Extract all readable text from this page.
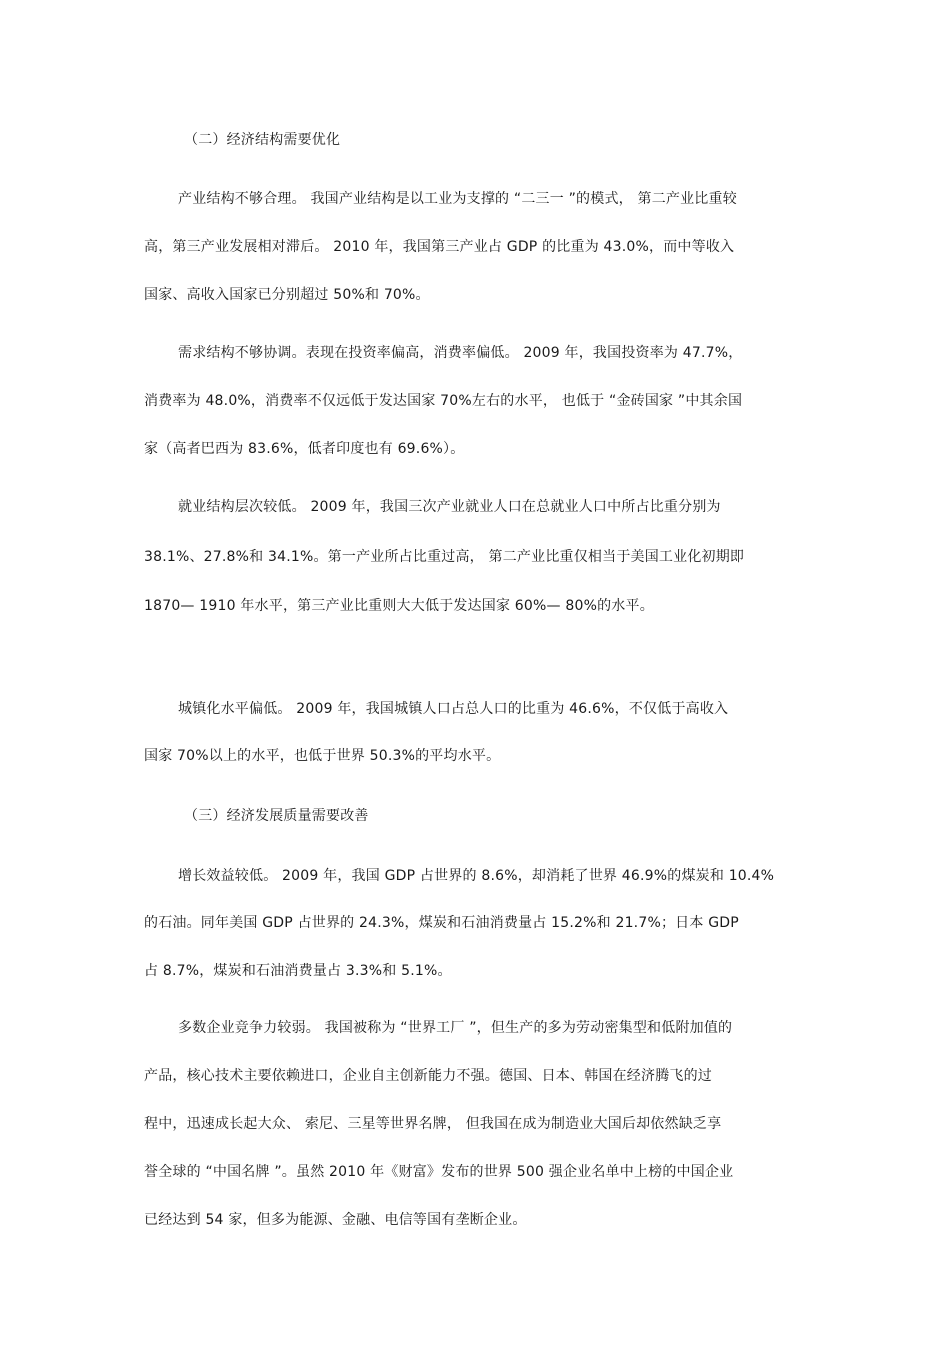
（二）经济结构需要优化
产业结构不够合理。 我国产业结构是以工业为支撑的 “二三一 ”的模式， 第二产业比重较
高，第三产业发展相对滞后。 2010 年，我国第三产业占 GDP 的比重为 43.0%，而中等收入
国家、高收入国家已分别超过 50%和 70%。
需求结构不够协调。表现在投资率偏高，消费率偏低。 2009 年，我国投资率为 47.7%，
消费率为 48.0%，消费率不仅远低于发达国家 70%左右的水平， 也低于 “金砖国家 ”中其余国
家（高者巴西为 83.6%，低者印度也有 69.6%）。
就业结构层次较低。 2009 年，我国三次产业就业人口在总就业人口中所占比重分别为
38.1%、27.8%和 34.1%。第一产业所占比重过高， 第二产业比重仅相当于美国工业化初期即
1870— 1910 年水平，第三产业比重则大大低于发达国家 60%— 80%的水平。
城镇化水平偏低。 2009 年，我国城镇人口占总人口的比重为 46.6%，不仅低于高收入
国家 70%以上的水平，也低于世界 50.3%的平均水平。
（三）经济发展质量需要改善
增长效益较低。 2009 年，我国 GDP 占世界的 8.6%，却消耗了世界 46.9%的煤炭和 10.4%
的石油。同年美国 GDP 占世界的 24.3%，煤炭和石油消费量占 15.2%和 21.7%；日本 GDP
占 8.7%，煤炭和石油消费量占 3.3%和 5.1%。
多数企业竞争力较弱。 我国被称为 “世界工厂 ”，但生产的多为劳动密集型和低附加值的
产品，核心技术主要依赖进口，企业自主创新能力不强。德国、日本、韩国在经济腾飞的过
程中，迅速成长起大众、 索尼、三星等世界名牌， 但我国在成为制造业大国后却依然缺乏享
誉全球的 “中国名牌 ”。虽然 2010 年《财富》发布的世界 500 强企业名单中上榜的中国企业
已经达到 54 家，但多为能源、金融、电信等国有垄断企业。
